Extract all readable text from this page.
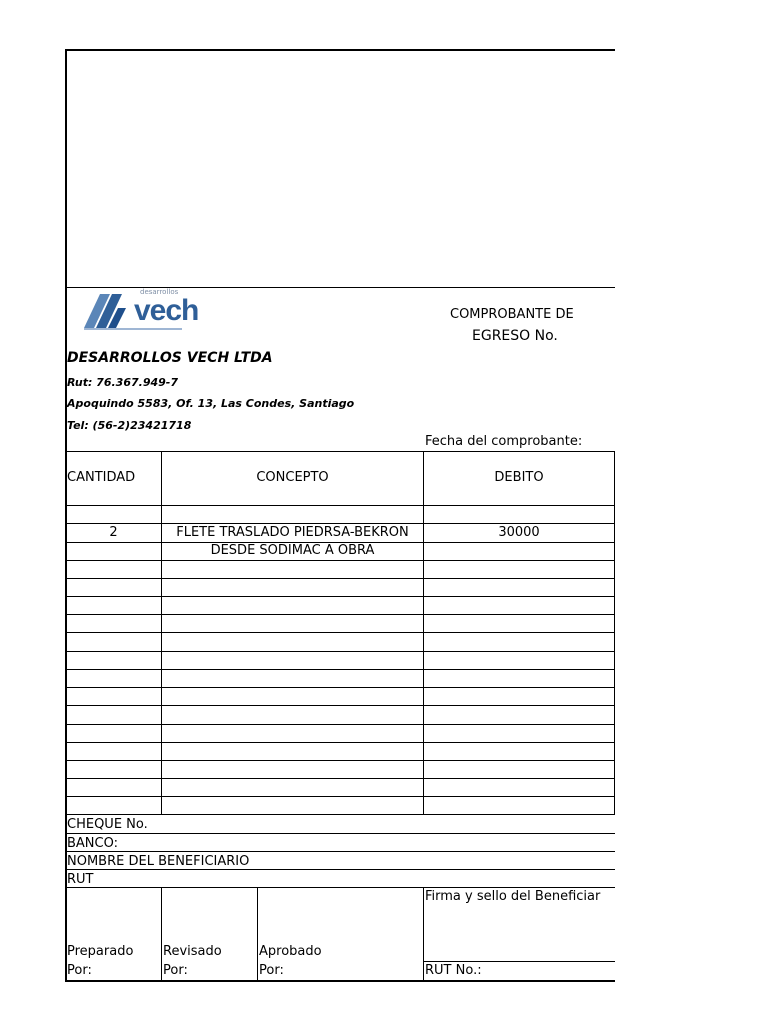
desarrollos
vech
DESARROLLOS VECH LTDA
Rut: 76.367.949-7
Apoquindo 5583, Of. 13, Las Condes, Santiago
Tel: (56-2)23421718
COMPROBANTE DE
EGRESO No.
Fecha del comprobante:
CANTIDAD	CONCEPTO	DEBITO
2	FLETE TRASLADO PIEDRSA-BEKRON	30000
DESDE SODIMAC A OBRA
CHEQUE No.
BANCO:
NOMBRE DEL BENEFICIARIO
RUT
Preparado
Por:
Revisado
Por:
Aprobado
Por:
Firma y sello del Beneficiar
RUT No.:
